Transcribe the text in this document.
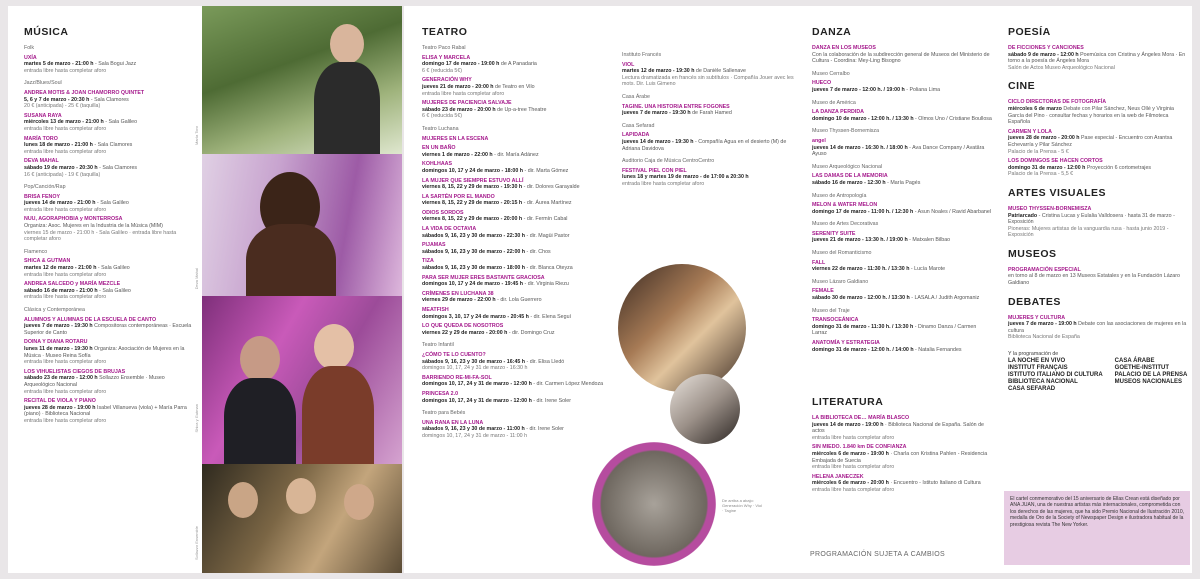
MÚSICA
Folk
UXÍA
martes 5 de marzo - 21:00 h - Sala Bogui Jazz
entrada libre hasta completar aforo
Jazz/Blues/Soul
ANDREA MOTIS & JOAN CHAMORRO QUINTET
5, 6 y 7 de marzo - 20:30 h - Sala Clamores
20 € (anticipada) - 25 € (taquilla)
SUSANA RAYA
miércoles 13 de marzo - 21:00 h - Sala Galileo
entrada libre hasta completar aforo
MARÍA TORO
lunes 18 de marzo - 21:00 h - Sala Clamores
entrada libre hasta completar aforo
DEVA MAHAL
sábado 19 de marzo - 20:30 h - Sala Clamores
16 € (anticipada) - 19 € (taquilla)
Pop/Canción/Rap
BRISA FENOY
jueves 14 de marzo - 21:00 h - Sala Galileo
entrada libre hasta completar aforo
NUU, AGORAPHOBIA y MONTERROSA
Organiza: Asoc. Mujeres en la Industria de la Música (MIM)
viernes 15 de marzo - 21:00 h - Sala Galileo · entrada libre hasta completar aforo
Flamenco
SHICA & GUTMAN
martes 12 de marzo - 21:00 h - Sala Galileo
entrada libre hasta completar aforo
ANDREA SALCEDO y MARÍA MEZCLE
sábado 16 de marzo - 21:00 h - Sala Galileo
entrada libre hasta completar aforo
Clásica y Contemporánea
ALUMNOS Y ALUMNAS DE LA ESCUELA DE CANTO
jueves 7 de marzo - 19:30 h Compositoras contemporáneas · Escuela Superior de Canto
DOINA Y DIANA ROTARU
lunes 11 de marzo - 19:30 h Organiza: Asociación de Mujeres en la Música · Museo Reina Sofía
entrada libre hasta completar aforo
LOS VIHUELISTAS CIEGOS DE BRUJAS
sábado 23 de marzo - 12:00 h Sollazzo Ensemble · Museo Arqueológico Nacional
entrada libre hasta completar aforo
RECITAL DE VIOLA Y PIANO
jueves 28 de marzo - 19:00 h Isabel Villanueva (viola) + María Parra (piano) · Biblioteca Nacional
entrada libre hasta completar aforo
María Toro
Deva Mahal
Shica y Gutman
Sollazzo Ensemble
TEATRO
Teatro Paco Rabal
ELISA Y MARCELA
domingo 17 de marzo - 19:00 h de A Panadaria
6 € (reducida 5€)
GENERACIÓN WHY
jueves 21 de marzo - 20:00 h de Teatro en Vilo
entrada libre hasta completar aforo
MUJERES DE PACIENCIA SALVAJE
sábado 23 de marzo - 20:00 h de Up-a-tree Theatre
6 € (reducida 5€)
Teatro Luchana
MUJERES EN LA ESCENA
EN UN BAÑO
viernes 1 de marzo - 22:00 h - dir. María Adánez
KOHLHAAS
domingos 10, 17 y 24 de marzo - 18:00 h - dir. Marta Gómez
LA MUJER QUE SIEMPRE ESTUVO ALLÍ
viernes 8, 15, 22 y 29 de marzo - 19:30 h - dir. Dolores Garayalde
LA SARTÉN POR EL MANDO
viernes 8, 15, 22 y 29 de marzo - 20:15 h - dir. Áurea Martínez
ODIOS SORDOS
viernes 8, 15, 22 y 29 de marzo - 20:00 h - dir. Fermín Cabal
LA VIDA DE OCTAVIA
sábados 9, 16, 23 y 30 de marzo - 22:30 h - dir. Magüi Pastor
PIJAMAS
sábados 9, 16, 23 y 30 de marzo - 22:00 h - dir. Chos
TIZA
sábados 9, 16, 23 y 30 de marzo - 18:00 h - dir. Blanca Oteyza
PARA SER MUJER ERES BASTANTE GRACIOSA
domingos 10, 17 y 24 de marzo - 19:45 h - dir. Virginia Riezu
CRÍMENES EN LUCHANA 38
viernes 29 de marzo - 22:00 h - dir. Lola Guerrero
MEATFISH
domingos 3, 10, 17 y 24 de marzo - 20:45 h - dir. Elena Seguí
LO QUE QUEDA DE NOSOTROS
viernes 22 y 29 de marzo - 20:00 h - dir. Domingo Cruz
Teatro Infantil
¿CÓMO TE LO CUENTO?
sábados 9, 16, 23 y 30 de marzo - 16:45 h - dir. Elisa Lledó
domingos 10, 17, 24 y 31 de marzo - 16:30 h
BARRIENDO RE-MI-FA-SOL
domingos 10, 17, 24 y 31 de marzo - 12:00 h - dir. Carmen López Mendoza
PRINCESA 2.0
domingos 10, 17, 24 y 31 de marzo - 12:00 h - dir. Irene Soler
Teatro para Bebés
UNA RANA EN LA LUNA
sábados 9, 16, 23 y 30 de marzo - 11:00 h - dir. Irene Soler
domingos 10, 17, 24 y 31 de marzo - 11:00 h
Instituto Francés
VIOL
martes 12 de marzo - 19:30 h de Danièle Sallenave
Lectura dramatizada en francés sin subtítulos · Compañía Jouer avec les mots. Dir. Luis Gimeno
Casa Árabe
TAGINE. UNA HISTORIA ENTRE FOGONES
jueves 7 de marzo - 19:30 h de Farah Hamed
Casa Sefarad
LAPIDADA
jueves 14 de marzo - 19:30 h - Compañía Agua en el desierto (M) de Adriana Davidova
Auditorio Caja de Música CentroCentro
FESTIVAL PIEL CON PIEL
lunes 18 y martes 19 de marzo - de 17:00 a 20:30 h
entrada libre hasta completar aforo
DANZA
DANZA EN LOS MUSEOS
Con la colaboración de la subdirección general de Museos del Ministerio de Cultura - Coordina: Mey-Ling Bisogno
Museo Cerralbo
HUECO
jueves 7 de marzo - 12:00 h. / 19:00 h - Poliana Lima
Museo de América
LA DANZA PERDIDA
domingo 10 de marzo - 12:00 h. / 13:30 h - Olmos Uno / Cristiane Boullosa
Museo Thyssen-Bornemisza
angel
jueves 14 de marzo - 16:30 h. / 18:00 h - Ava Dance Company / Avatâra Ayuso
Museo Arqueológico Nacional
LAS DAMAS DE LA MEMORIA
sábado 16 de marzo - 12:30 h - María Pagés
Museo de Antropología
MELON & WATER MELON
domingo 17 de marzo - 11:00 h. / 12:30 h - Asun Noales / Ravid Abarbanel
Museo de Artes Decorativas
SERENITY SUITE
jueves 21 de marzo - 13:30 h. / 19:00 h - Matxalen Bilbao
Museo del Romanticismo
FALL
viernes 22 de marzo - 11:30 h. / 13:30 h - Lucía Marote
Museo Lázaro Galdiano
FEMALE
sábado 30 de marzo - 12:00 h. / 13:30 h - LASALA / Judith Argomaniz
Museo del Traje
TRANSOCEÁNICA
domingo 31 de marzo - 11:30 h. / 13:30 h - Dinamo Danza / Carmen Larraz
ANATOMÍA Y ESTRATEGIA
domingo 31 de marzo - 12:00 h. / 14:00 h - Natalia Fernandes
LITERATURA
LA BIBLIOTECA DE… MARÍA BLASCO
jueves 14 de marzo - 19:00 h · Biblioteca Nacional de España. Salón de actos
entrada libre hasta completar aforo
SIN MIEDO. 1.840 km DE CONFIANZA
miércoles 6 de marzo - 19:00 h · Charla con Kristina Pahlen - Residencia Embajada de Suecia
entrada libre hasta completar aforo
HELENA JANECZEK
miércoles 6 de marzo - 20:00 h · Encuentro - Istituto Italiano di Cultura
entrada libre hasta completar aforo
POESÍA
DE FICCIONES Y CANCIONES
sábado 9 de marzo - 12:00 h Poemúsica con Cristina y Ángeles Mora · En torno a la poesía de Ángeles Mora
Salón de Actos Museo Arqueológico Nacional
CINE
CICLO DIRECTORAS DE FOTOGRAFÍA
miércoles 6 de marzo Debate con Pilar Sánchez, Neus Ollé y Virginia García del Pino · consultar fechas y horarios en la web de Filmoteca Española
CARMEN Y LOLA
jueves 28 de marzo - 20:00 h Pase especial - Encuentro con Arantxa Echevarría y Pilar Sánchez
Palacio de la Prensa - 5 €
LOS DOMINGOS SE HACEN CORTOS
domingo 31 de marzo - 12:00 h Proyección 6 cortometrajes
Palacio de la Prensa - 5,5 €
ARTES VISUALES
MUSEO THYSSEN-BORNEMISZA
Patriarcado - Cristina Lucas y Eulalia Valldosera · hasta 31 de marzo - Exposición
Pioneras: Mujeres artistas de la vanguardia rusa · hasta junio 2019 - Exposición
MUSEOS
PROGRAMACIÓN ESPECIAL
en torno al 8 de marzo en 13 Museos Estatales y en la Fundación Lázaro Galdiano
DEBATES
MUJERES Y CULTURA
jueves 7 de marzo - 19:00 h Debate con las asociaciones de mujeres en la cultura
Biblioteca Nacional de España
Y la programación de
LA NOCHE EN VIVO
INSTITUT FRANÇAIS
ISTITUTO ITALIANO DI CULTURA
BIBLIOTECA NACIONAL
CASA SEFARAD
CASA ÁRABE
GOETHE-INSTITUT
PALACIO DE LA PRENSA
MUSEOS NACIONALES
De arriba a abajo: Generación Why · Viol · Tagine
PROGRAMACIÓN SUJETA A CAMBIOS
El cartel conmemorativo del 15 aniversario de Ellas Crean está diseñado por ANA JUAN, una de nuestras artistas más internacionales, comprometida con los derechos de las mujeres, que ha sido Premio Nacional de Ilustración 2010, medalla de Oro de la Society of Newspaper Design e ilustradora habitual de la prestigiosa revista The New Yorker.
